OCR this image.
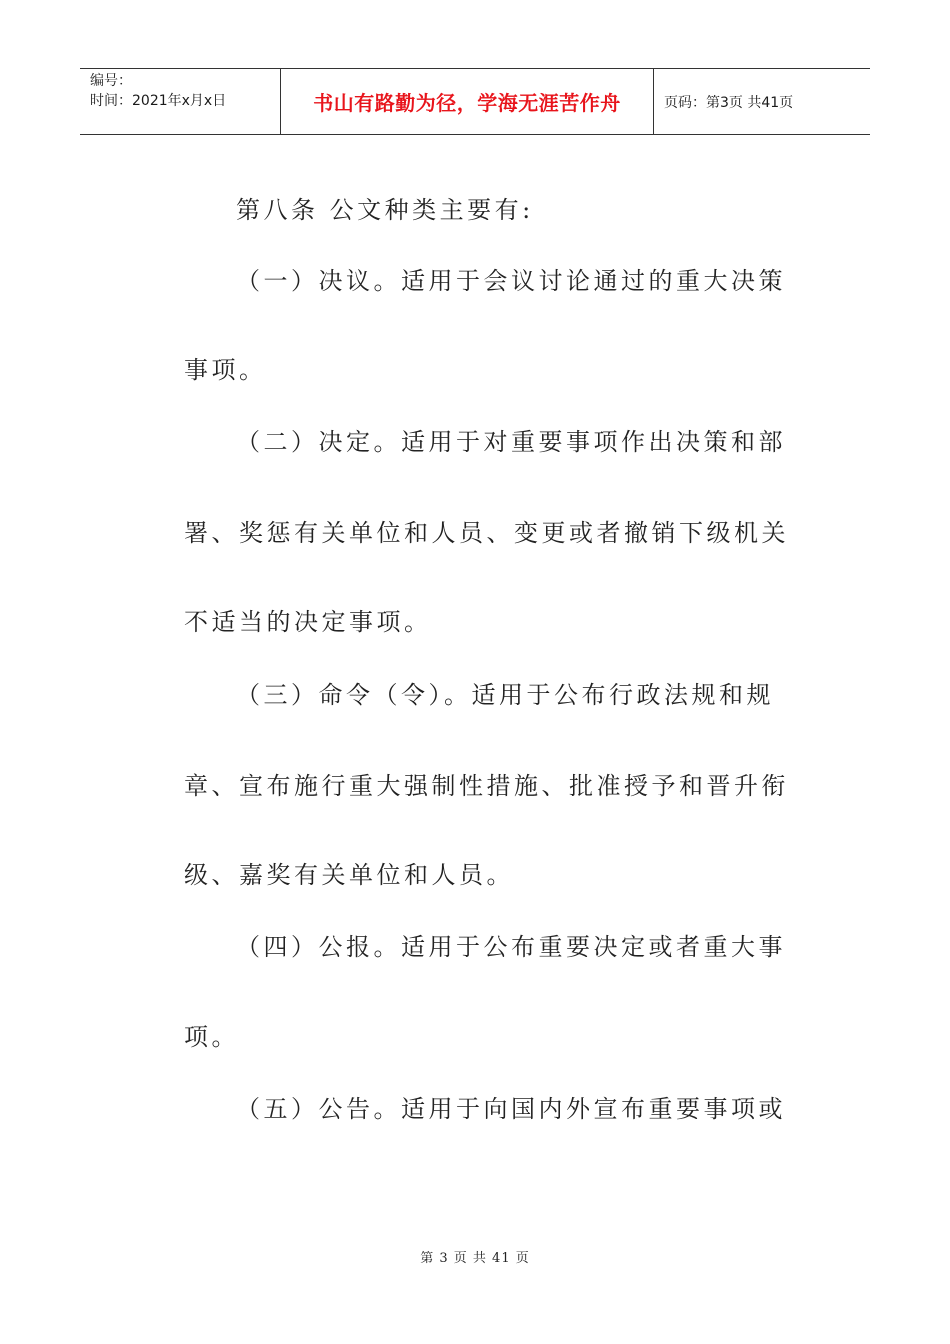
编号：
时间：2021年x月x日	书山有路勤为径，学海无涯苦作舟	页码：第3页 共41页
第八条 公文种类主要有:
（一）决议。适用于会议讨论通过的重大决策
事项。
（二）决定。适用于对重要事项作出决策和部
署、奖惩有关单位和人员、变更或者撤销下级机关
不适当的决定事项。
（三）命令（令）。适用于公布行政法规和规
章、宣布施行重大强制性措施、批准授予和晋升衔
级、嘉奖有关单位和人员。
（四）公报。适用于公布重要决定或者重大事
项。
（五）公告。适用于向国内外宣布重要事项或
第 3 页 共 41 页
